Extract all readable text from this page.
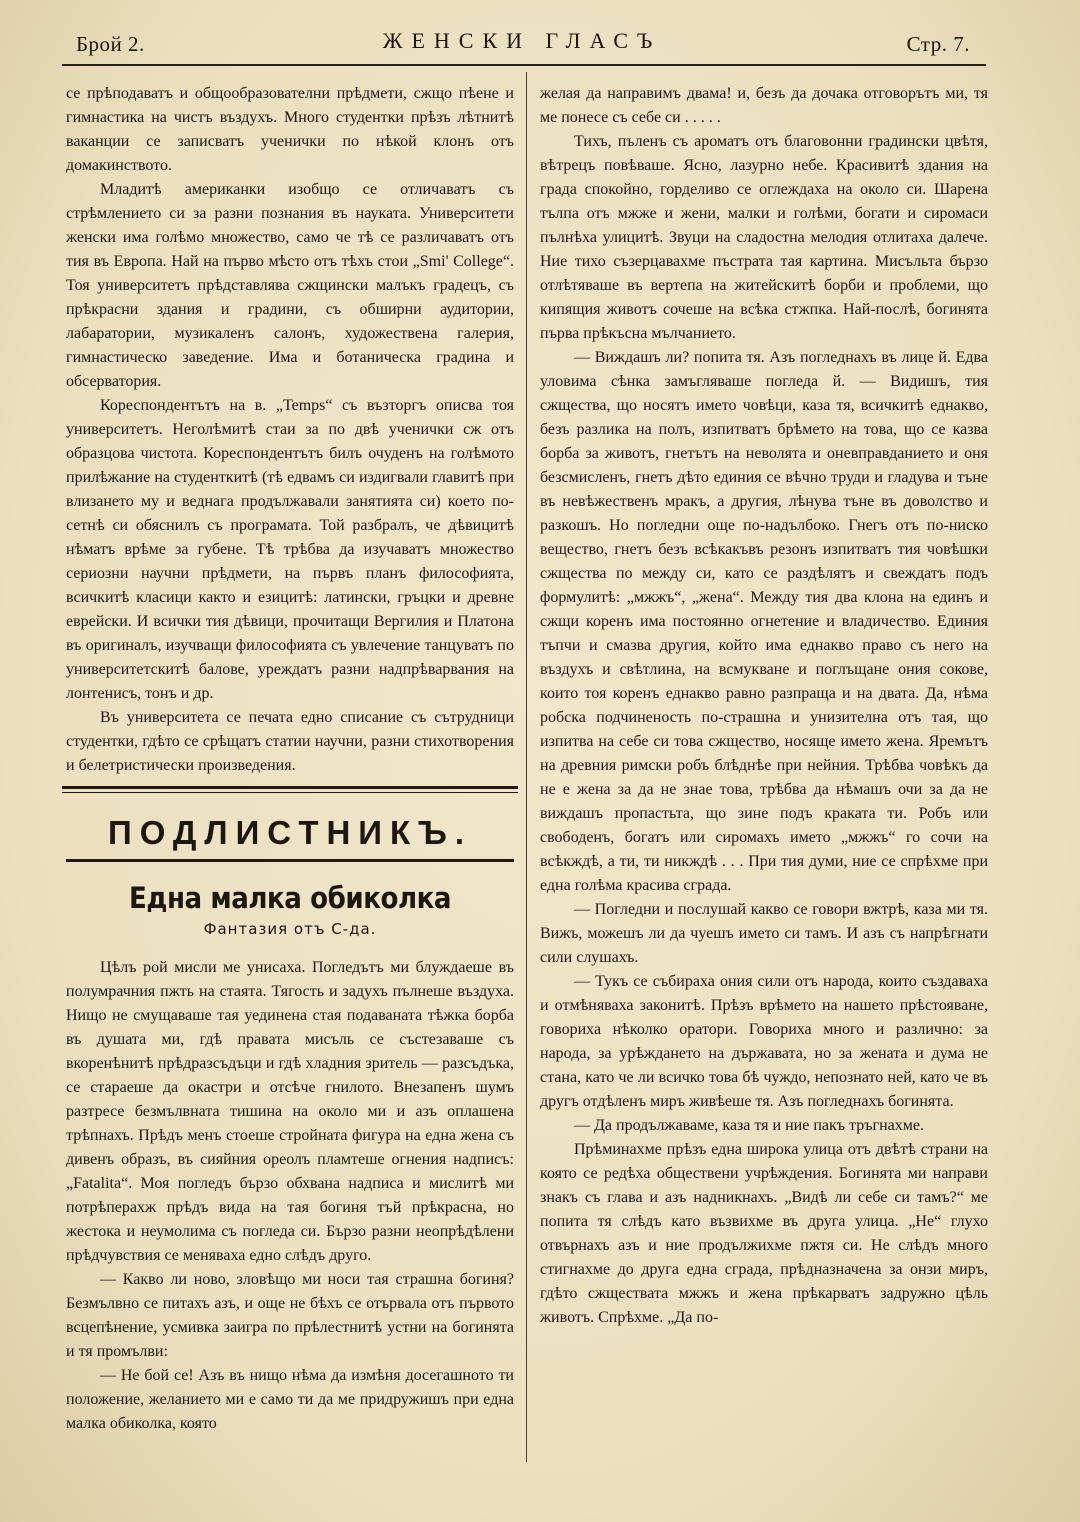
Брой 2.	ЖЕНСКИ ГЛАСЪ	Стр. 7.

се прѣподаватъ и общообразователни прѣдмети, сжщо пѣене и гимнастика на чистъ въздухъ. Много студентки прѣзъ лѣтнитѣ ваканции се записватъ ученички по нѣкой клонъ отъ домакинството.

Младитѣ американки изобщо се отличаватъ съ стрѣмлението си за разни познания въ науката. Университети женски има голѣмо множество, само че тѣ се различаватъ отъ тия въ Европа. Най на първо мѣсто отъ тѣхъ стои „Smi' College“. Тоя университетъ прѣдставлява сжщински малъкъ градецъ, съ прѣкрасни здания и градини, съ обширни аудитории, лабаратории, музикаленъ салонъ, художествена галерия, гимнастическо заведение. Има и ботаническа градина и обсерватория.

Кореспондентътъ на в. „Temps“ съ възторгъ описва тоя университетъ. Неголѣмитѣ стаи за по двѣ ученички сж отъ образцова чистота. Кореспондентътъ билъ очуденъ на голѣмото прилѣжание на студенткитѣ (тѣ едвамъ си издигвали главитѣ при влизането му и веднага продължавали занятията си) което по-сетнѣ си обяснилъ съ програмата. Той разбралъ, че дѣвицитѣ нѣматъ врѣме за губене. Тѣ трѣбва да изучаватъ множество сериозни научни прѣдмети, на първъ планъ философията, всичкитѣ класици както и езицитѣ: латински, гръцки и древне еврейски. И всички тия дѣвици, прочитащи Вергилия и Платона въ оригиналъ, изучващи философията съ увлечение танцуватъ по университетскитѣ балове, уреждатъ разни надпрѣварвания на лонтенисъ, тонъ и др.

Въ университета се печата едно списание съ сътрудници студентки, гдѣто се срѣщатъ статии научни, разни стихотворения и белетристически произведения.

ПОДЛИСТНИКЪ.
Една малка обиколка
Фантазия отъ С-да.

Цѣлъ рой мисли ме унисаха. Погледътъ ми блуждаеше въ полумрачния пжть на стаята. Тягость и задухъ пълнеше въздуха. Нищо не смущаваше тая уединена стая подаваната тѣжка борба въ душата ми, гдѣ правата мисъль се състезаваше съ вкоренѣнитѣ прѣдразсъдъци и гдѣ хладния зритель — разсъдъка, се стараеше да окастри и отсѣче гнилото. Внезапенъ шумъ разтресе безмълвната тишина на около ми и азъ оплашена трѣпнахъ. Прѣдъ менъ стоеше стройната фигура на една жена съ дивенъ образъ, въ сияйния ореолъ пламтеше огнения надписъ: „Fatalita“. Моя погледъ бързо обхвана надписа и мислитѣ ми потрѣперахж прѣдъ вида на тая богиня тъй прѣкрасна, но жестока и неумолима съ погледа си. Бързо разни неопрѣдѣлени прѣдчувствия се меняваха едно слѣдъ друго.

— Какво ли ново, зловѣщо ми носи тая страшна богиня? Безмълвно се питахъ азъ, и още не бѣхъ се отървала отъ първото всцепѣнение, усмивка заигра по прѣлестнитѣ устни на богинята и тя промълви:

— Не бой се! Азъ въ нищо нѣма да измѣня досегашното ти положение, желанието ми е само ти да ме придружишъ при една малка обиколка, която

желая да направимъ двама! и, безъ да дочака отговорътъ ми, тя ме понесе съ себе си . . . . .

Тихъ, пъленъ съ ароматъ отъ благовонни градински цвѣтя, вѣтрецъ повѣваше. Ясно, лазурно небе. Красивитѣ здания на града спокойно, горделиво се оглеждаха на около си. Шарена тълпа отъ мжже и жени, малки и голѣми, богати и сиромаси пълнѣха улицитѣ. Звуци на сладостна мелодия отлитаха далече. Ние тихо съзерцавахме пъстрата тая картина. Мисъльта бързо отлѣтяваше въ вертепа на житейскитѣ борби и проблеми, що кипящия животъ сочеше на всѣка стжпка. Най-послѣ, богинята първа прѣкъсна мълчанието.

— Виждашъ ли? попита тя. Азъ погледнахъ въ лице й. Едва уловима сѣнка замъгляваше погледа й. — Видишъ, тия сжщества, що носятъ името човѣци, каза тя, всичкитѣ еднакво, безъ разлика на полъ, изпитватъ брѣмето на това, що се казва борба за животъ, гнетътъ на неволята и оневправданието и оня безсмисленъ, гнетъ дѣто единия се вѣчно труди и гладува и тъне въ невѣжественъ мракъ, а другия, лѣнува тъне въ доволство и разкошъ. Но погледни още по-надълбоко. Гнегъ отъ по-ниско вещество, гнетъ безъ всѣкакъвъ резонъ изпитватъ тия човѣшки сжщества по между си, като се раздѣлятъ и свеждатъ подъ формулитѣ: „мжжъ“, „жена“. Между тия два клона на единъ и сжщи коренъ има постоянно огнетение и владичество. Единия тъпчи и смазва другия, който има еднакво право съ него на въздухъ и свѣтлина, на всмукване и поглъщане ония сокове, които тоя коренъ еднакво равно разпраща и на двата. Да, нѣма робска подчиненость по-страшна и унизителна отъ тая, що изпитва на себе си това сжщество, носяще името жена. Яремътъ на древния римски робъ блѣднѣе при нейния. Трѣбва човѣкъ да не е жена за да не знае това, трѣбва да нѣмашъ очи за да не виждашъ пропастьта, що зине подъ краката ти. Робъ или свободенъ, богатъ или сиромахъ името „мжжъ“ го сочи на всѣкждѣ, а ти, ти никждѣ . . . При тия думи, ние се спрѣхме при една голѣма красива сграда.

— Погледни и послушай какво се говори вжтрѣ, каза ми тя. Вижъ, можешъ ли да чуешъ името си тамъ. И азъ съ напрѣгнати сили слушахъ.

— Тукъ се събираха ония сили отъ народа, които създаваха и отмѣняваха законитѣ. Прѣзъ врѣмето на нашето прѣстояване, говориха нѣколко оратори. Говориха много и различно: за народа, за урѣждането на държавата, но за жената и дума не стана, като че ли всичко това бѣ чуждо, непознато ней, като че въ другъ отдѣленъ миръ живѣеше тя. Азъ погледнахъ богинята.

— Да продължаваме, каза тя и ние пакъ тръгнахме.

Прѣминахме прѣзъ една широка улица отъ двѣтѣ страни на която се редѣха обществени учрѣждения. Богинята ми направи знакъ съ глава и азъ надникнахъ. „Видѣ ли себе си тамъ?“ ме попита тя слѣдъ като възвихме въ друга улица. „Не“ глухо отвърнахъ азъ и ние продължихме пжтя си. Не слѣдъ много стигнахме до друга една сграда, прѣдназначена за онзи миръ, гдѣто сжществата мжжъ и жена прѣкарватъ задружно цѣль животъ. Спрѣхме. „Да по-
